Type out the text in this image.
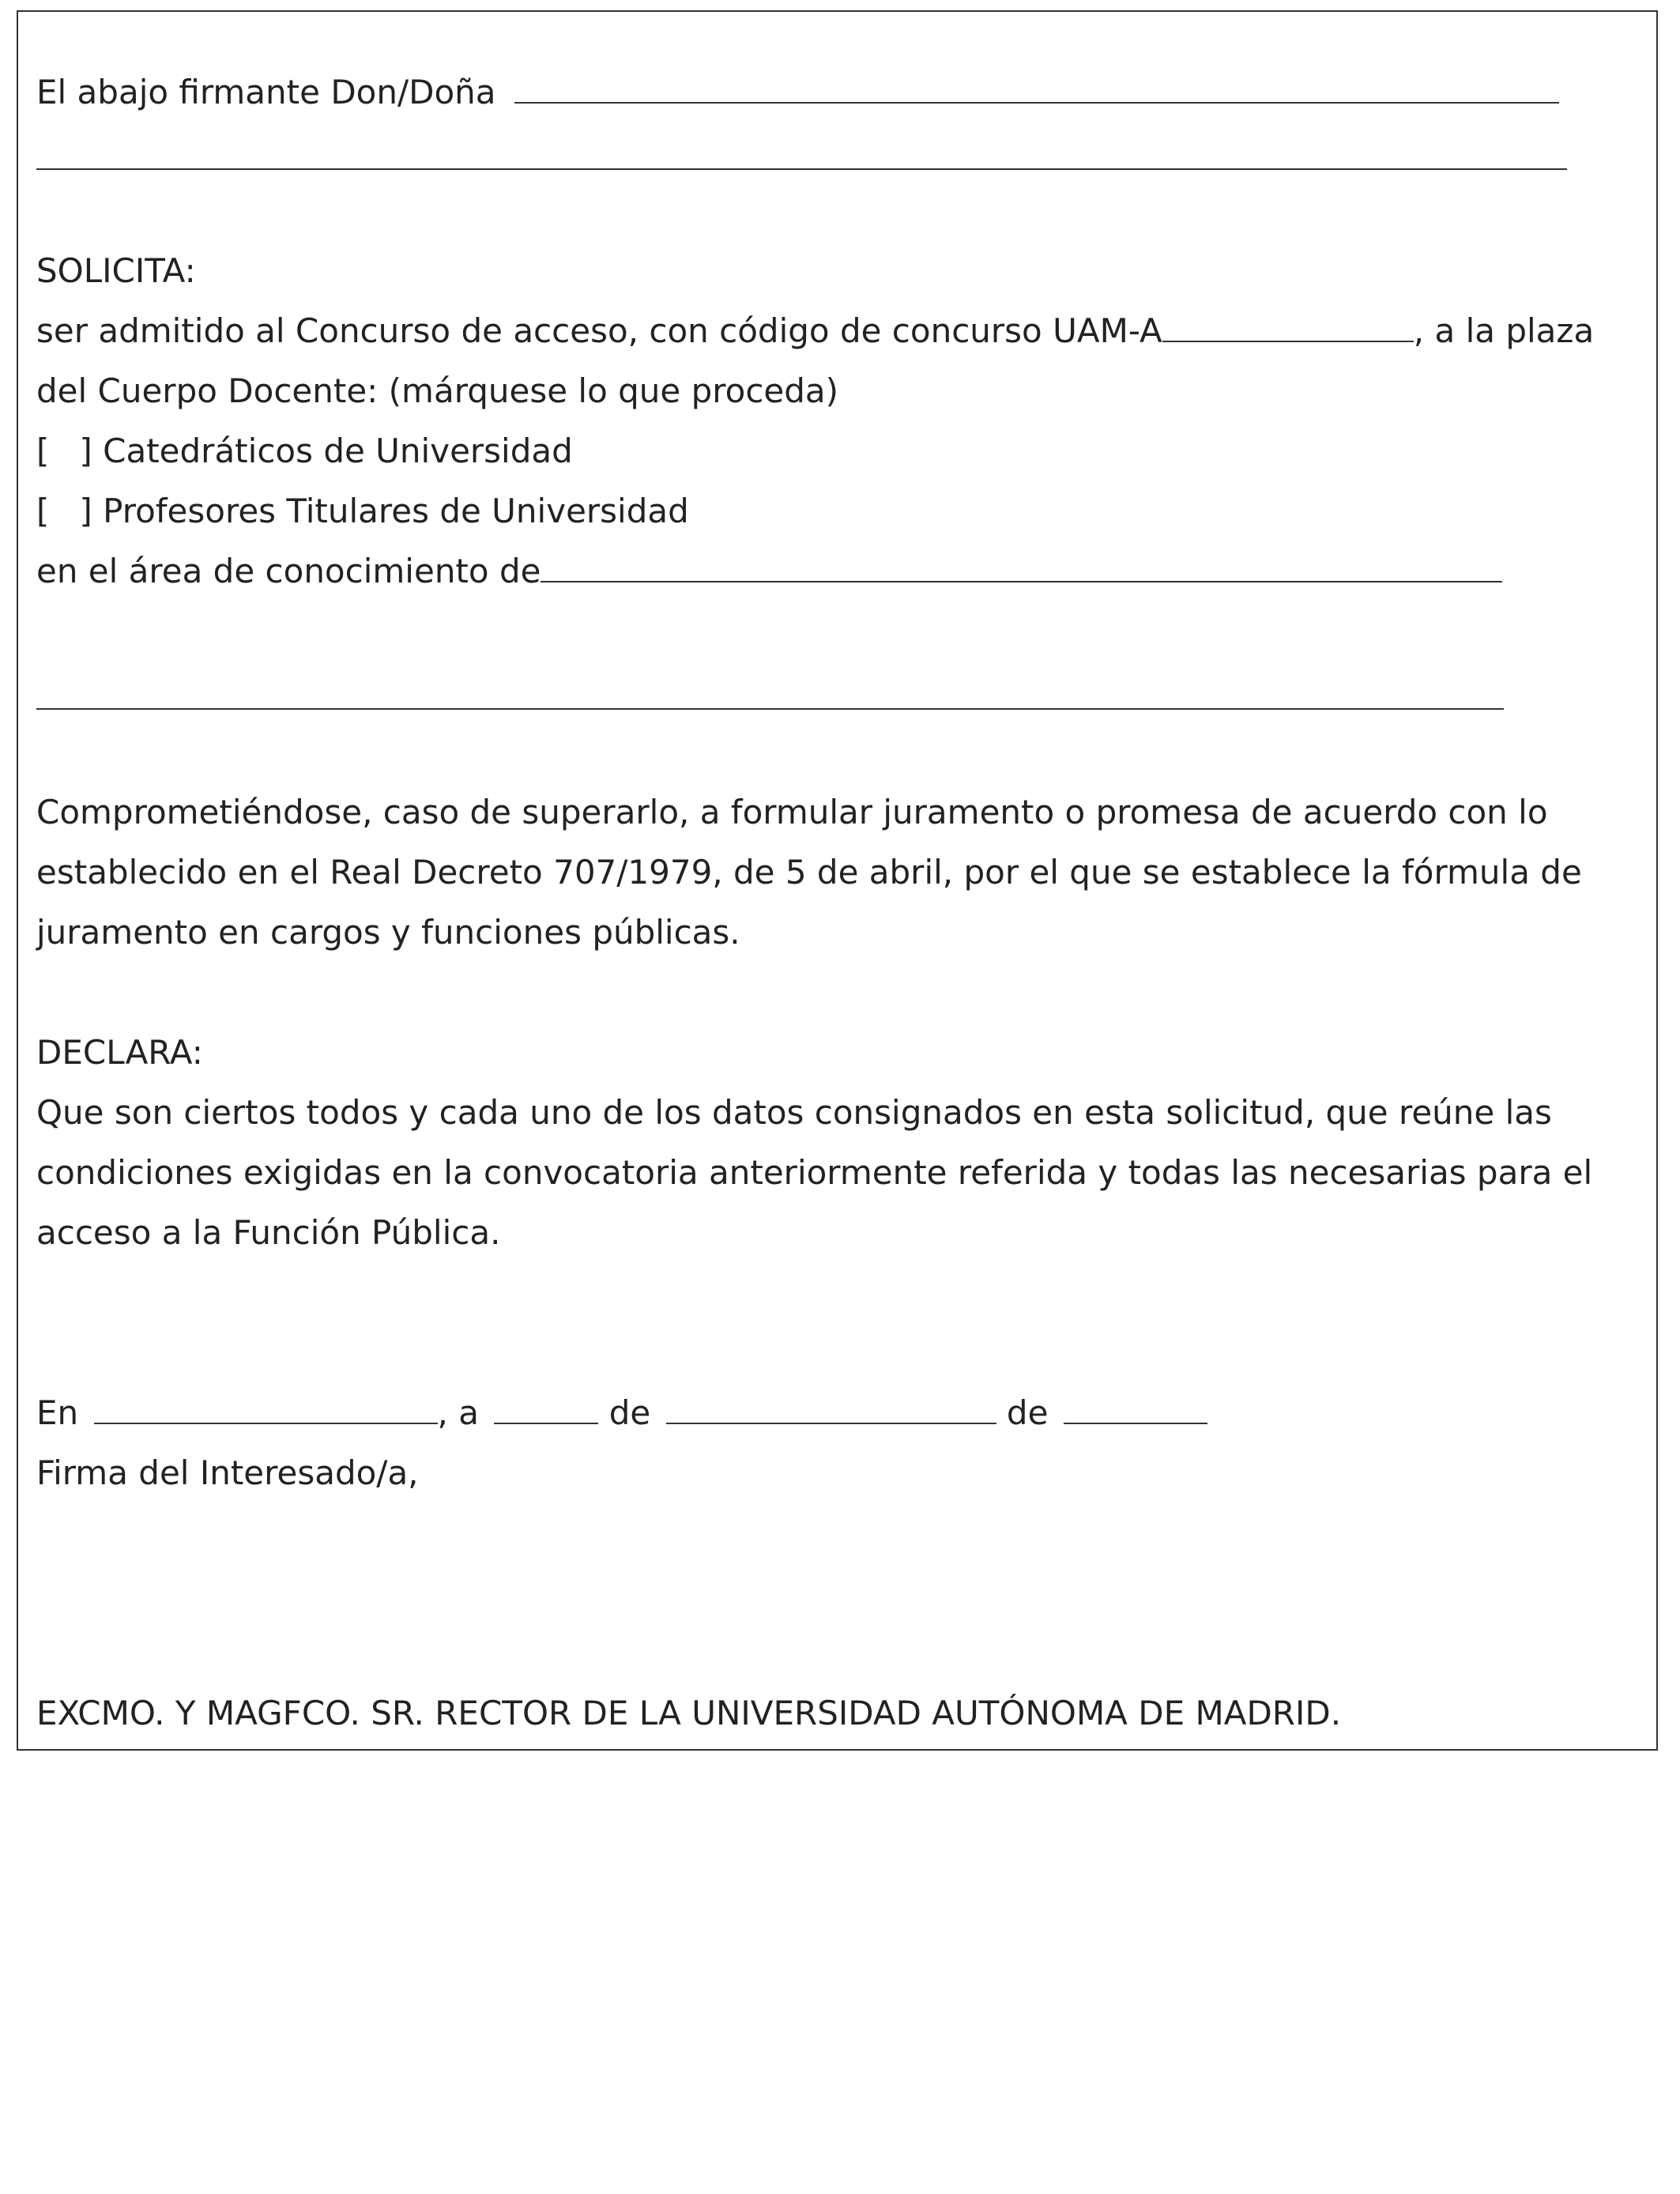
El abajo firmante Don/Doña
SOLICITA:
ser admitido al Concurso de acceso, con código de concurso UAM-A	, a la plaza
del Cuerpo Docente: (márquese lo que proceda)
[ ] Catedráticos de Universidad
[ ] Profesores Titulares de Universidad
en el área de conocimiento de
Comprometiéndose, caso de superarlo, a formular juramento o promesa de acuerdo con lo
establecido en el Real Decreto 707/1979, de 5 de abril, por el que se establece la fórmula de
juramento en cargos y funciones públicas.
DECLARA:
Que son ciertos todos y cada uno de los datos consignados en esta solicitud, que reúne las
condiciones exigidas en la convocatoria anteriormente referida y todas las necesarias para el
acceso a la Función Pública.
En	, a	de	de
Firma del Interesado/a,
EXCMO. Y MAGFCO. SR. RECTOR DE LA UNIVERSIDAD AUTÓNOMA DE MADRID.
